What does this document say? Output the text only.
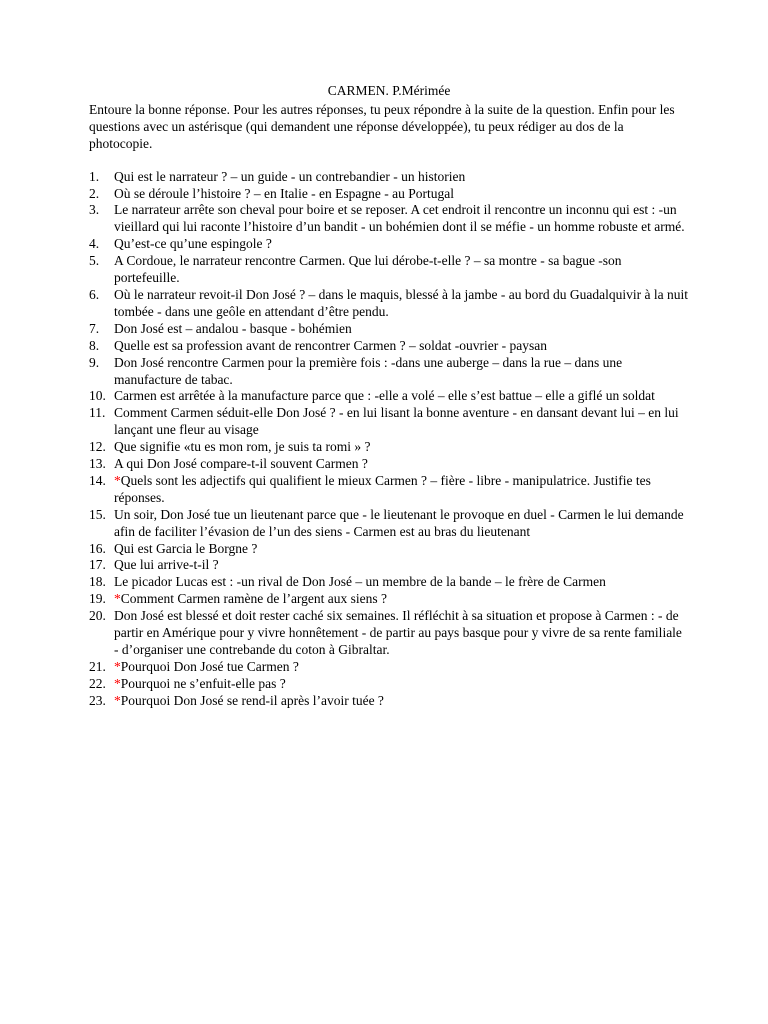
CARMEN. P.Mérimée

Entoure la bonne réponse. Pour les autres réponses, tu peux répondre à la suite de la question. Enfin pour les questions avec un astérisque (qui demandent une réponse développée), tu peux rédiger au dos de la photocopie.

1.	Qui est le narrateur ? – un guide - un contrebandier - un historien
2.	Où se déroule l’histoire ? – en Italie - en Espagne - au Portugal
3.	Le narrateur arrête son cheval pour boire et se reposer. A cet endroit il rencontre un inconnu qui est : -un vieillard qui lui raconte l’histoire d’un bandit - un bohémien dont il se méfie - un homme robuste et armé.
4.	Qu’est-ce qu’une espingole ?
5.	A Cordoue, le narrateur rencontre Carmen. Que lui dérobe-t-elle ? – sa montre - sa bague -son portefeuille.
6.	Où le narrateur revoit-il Don José ? – dans le maquis, blessé à la jambe - au bord du Guadalquivir à la nuit tombée - dans une geôle en attendant d’être pendu.
7.	Don José est – andalou - basque - bohémien
8.	Quelle est sa profession avant de rencontrer Carmen ? – soldat -ouvrier - paysan
9.	Don José rencontre Carmen pour la première fois : -dans une auberge – dans la rue – dans une manufacture de tabac.
10. Carmen est arrêtée à la manufacture parce que : -elle a volé – elle s’est battue – elle a giflé un soldat
11. Comment Carmen séduit-elle Don José ? - en lui lisant la bonne aventure - en dansant devant lui – en lui lançant une fleur au visage
12. Que signifie «tu es mon rom, je suis ta romi » ?
13. A qui Don José compare-t-il souvent Carmen ?
14. *Quels sont les adjectifs qui qualifient le mieux Carmen ? – fière - libre - manipulatrice. Justifie tes réponses.
15. Un soir, Don José tue un lieutenant parce que - le lieutenant le provoque en duel - Carmen le lui demande afin de faciliter l’évasion de l’un des siens - Carmen est au bras du lieutenant
16. Qui est Garcia le Borgne ?
17. Que lui arrive-t-il ?
18. Le picador Lucas est : -un rival de Don José – un membre de la bande – le frère de Carmen
19. *Comment Carmen ramène de l’argent aux siens ?
20. Don José est blessé et doit rester caché six semaines. Il réfléchit à sa situation et propose à Carmen : - de partir en Amérique pour y vivre honnêtement - de partir au pays basque pour y vivre de sa rente familiale - d’organiser une contrebande du coton à Gibraltar.
21. *Pourquoi Don José tue Carmen ?
22. *Pourquoi ne s’enfuit-elle pas ?
23. *Pourquoi Don José se rend-il après l’avoir tuée ?
